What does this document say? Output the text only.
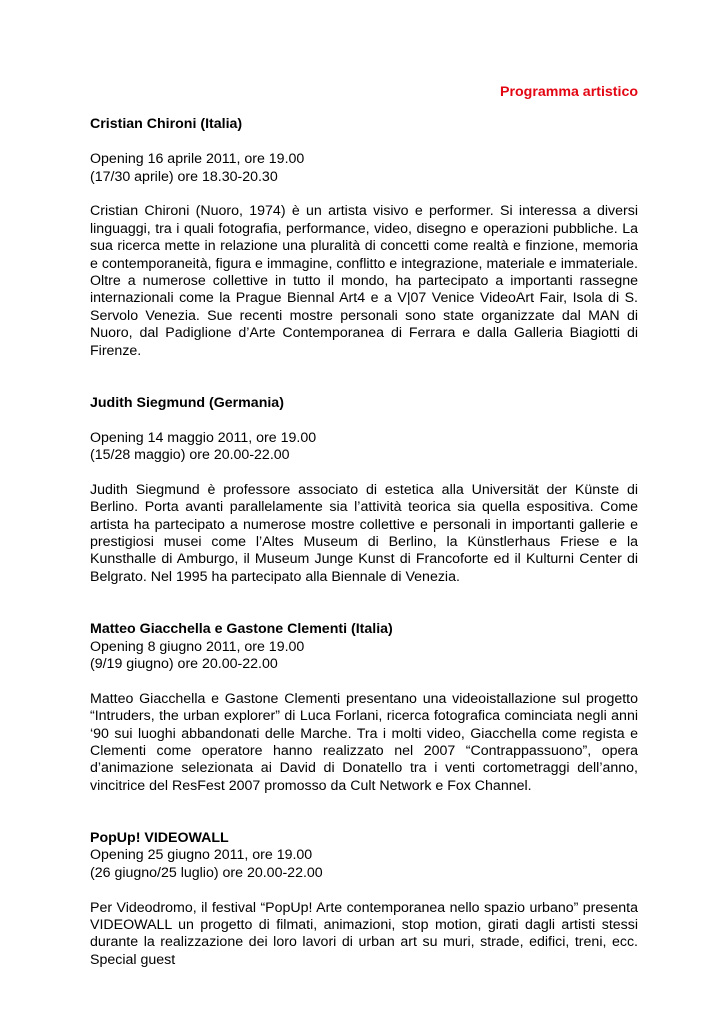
Programma artistico

Cristian Chironi (Italia)

Opening 16 aprile 2011, ore 19.00

(17/30 aprile) ore 18.30-20.30

Cristian Chironi (Nuoro, 1974) è un artista visivo e performer. Si interessa a diversi linguaggi, tra i quali fotografia, performance, video, disegno e operazioni pubbliche. La sua ricerca mette in relazione una pluralità di concetti come realtà e finzione, memoria e contemporaneità, figura e immagine, conflitto e integrazione, materiale e immateriale. Oltre a numerose collettive in tutto il mondo, ha partecipato a importanti rassegne internazionali come la Prague Biennal Art4 e a V|07 Venice VideoArt Fair, Isola di S. Servolo Venezia. Sue recenti mostre personali sono state organizzate dal MAN di Nuoro, dal Padiglione d’Arte Contemporanea di Ferrara e dalla Galleria Biagiotti di Firenze.

Judith Siegmund (Germania)

Opening 14 maggio 2011, ore 19.00

(15/28 maggio) ore 20.00-22.00

Judith Siegmund è professore associato di estetica alla Universität der Künste di Berlino. Porta avanti parallelamente sia l’attività teorica sia quella espositiva. Come artista ha partecipato a numerose mostre collettive e personali in importanti gallerie e prestigiosi musei come l’Altes Museum di Berlino, la Künstlerhaus Friese e la Kunsthalle di Amburgo, il Museum Junge Kunst di Francoforte ed il Kulturni Center di Belgrato. Nel 1995 ha partecipato alla Biennale di Venezia.

Matteo Giacchella e Gastone Clementi (Italia)

Opening 8 giugno 2011, ore 19.00

(9/19 giugno) ore 20.00-22.00

Matteo Giacchella e Gastone Clementi presentano una videoistallazione sul progetto “Intruders, the urban explorer” di Luca Forlani, ricerca fotografica cominciata negli anni ‘90 sui luoghi abbandonati delle Marche. Tra i molti video, Giacchella come regista e Clementi come operatore hanno realizzato nel 2007 “Contrappassuono”, opera d’animazione selezionata ai David di Donatello tra i venti cortometraggi dell’anno, vincitrice del ResFest 2007 promosso da Cult Network e Fox Channel.

PopUp! VIDEOWALL

Opening 25 giugno 2011, ore 19.00

(26 giugno/25 luglio) ore 20.00-22.00

Per Videodromo, il festival “PopUp! Arte contemporanea nello spazio urbano” presenta VIDEOWALL un progetto di filmati, animazioni, stop motion, girati dagli artisti stessi durante la realizzazione dei loro lavori di urban art su muri, strade, edifici, treni, ecc. Special guest
